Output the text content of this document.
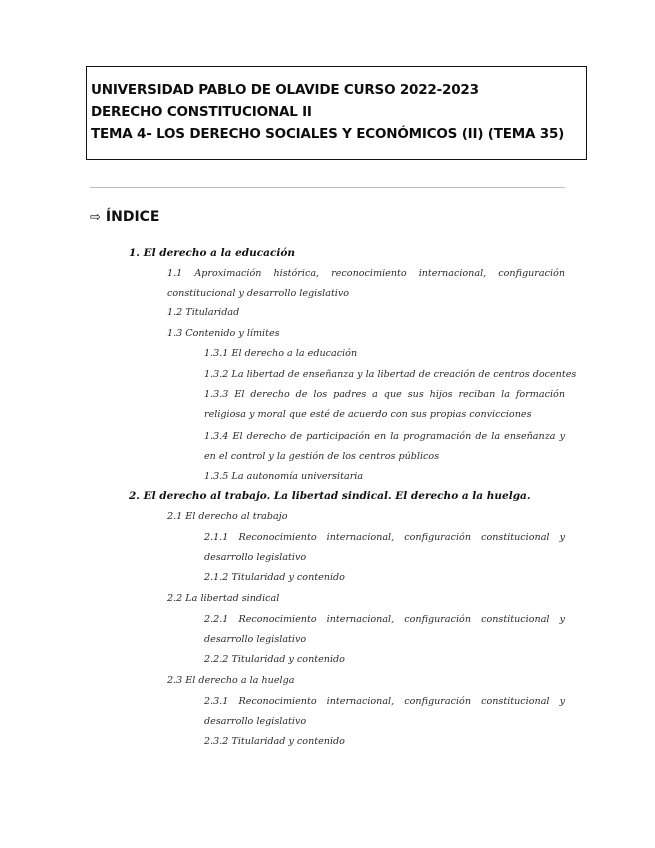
UNIVERSIDAD PABLO DE OLAVIDE CURSO 2022-2023
DERECHO CONSTITUCIONAL II
TEMA 4- LOS DERECHO SOCIALES Y ECONÓMICOS (II) (TEMA 35)
⇨ ÍNDICE
1. El derecho a la educación
1.1 Aproximación histórica, reconocimiento internacional, configuración constitucional y desarrollo legislativo
1.2 Titularidad
1.3 Contenido y límites
1.3.1 El derecho a la educación
1.3.2 La libertad de enseñanza y la libertad de creación de centros docentes
1.3.3 El derecho de los padres a que sus hijos reciban la formación religiosa y moral que esté de acuerdo con sus propias convicciones
1.3.4 El derecho de participación en la programación de la enseñanza y en el control y la gestión de los centros públicos
1.3.5 La autonomía universitaria
2. El derecho al trabajo. La libertad sindical. El derecho a la huelga.
2.1 El derecho al trabajo
2.1.1 Reconocimiento internacional, configuración constitucional y desarrollo legislativo
2.1.2 Titularidad y contenido
2.2 La libertad sindical
2.2.1 Reconocimiento internacional, configuración constitucional y desarrollo legislativo
2.2.2 Titularidad y contenido
2.3 El derecho a la huelga
2.3.1 Reconocimiento internacional, configuración constitucional y desarrollo legislativo
2.3.2 Titularidad y contenido
